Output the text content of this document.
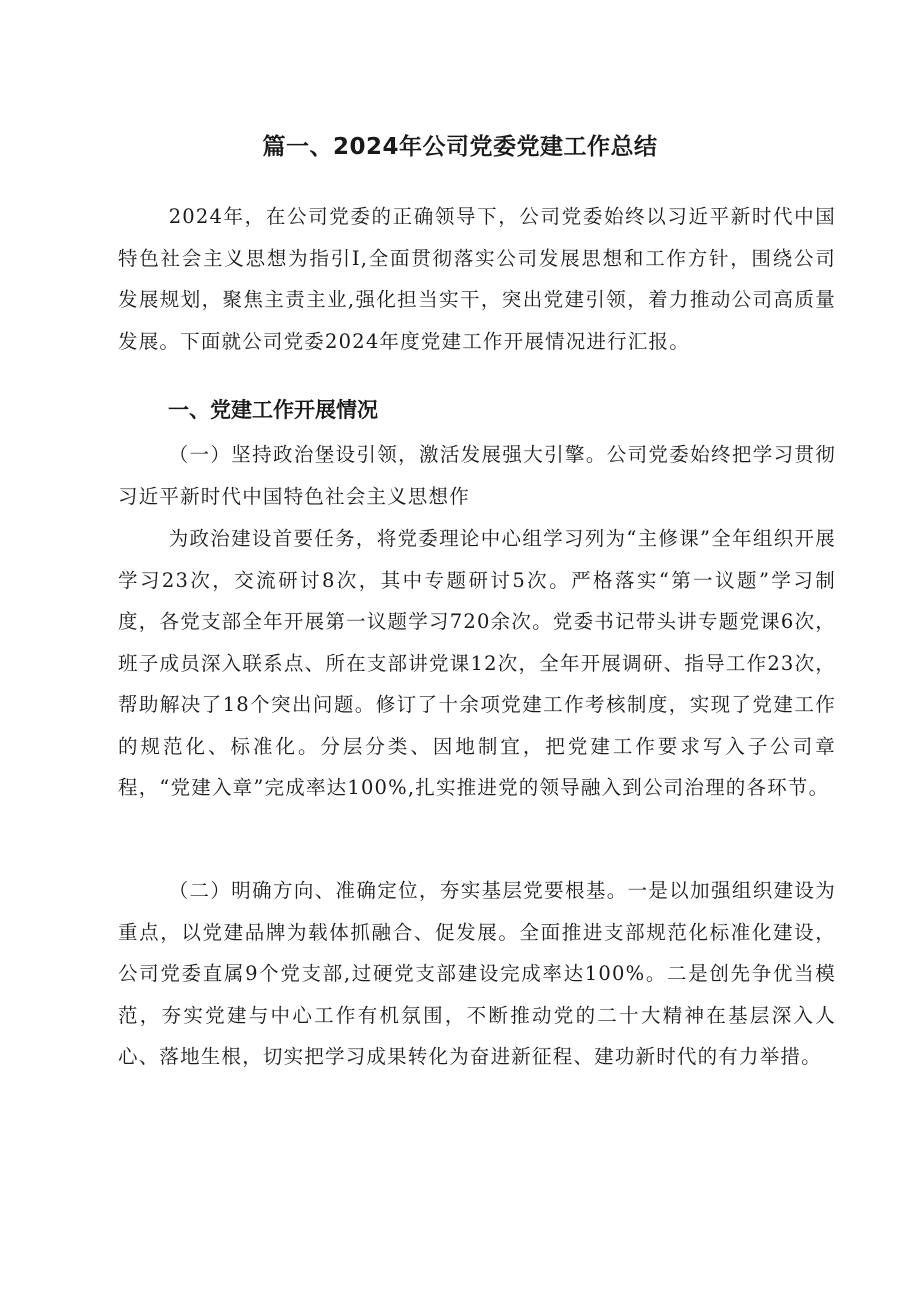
篇一、2024年公司党委党建工作总结

2024年，在公司党委的正确领导下，公司党委始终以习近平新时代中国特色社会主义思想为指引I,全面贯彻落实公司发展思想和工作方针，围绕公司发展规划，聚焦主责主业,强化担当实干，突出党建引领，着力推动公司高质量发展。下面就公司党委2024年度党建工作开展情况进行汇报。

一、党建工作开展情况

（一）坚持政治堡设引领，激活发展强大引擎。公司党委始终把学习贯彻习近平新时代中国特色社会主义思想作

为政治建设首要任务，将党委理论中心组学习列为“主修课”全年组织开展学习23次，交流研讨8次，其中专题研讨5次。严格落实“第一议题”学习制度，各党支部全年开展第一议题学习720余次。党委书记带头讲专题党课6次，班子成员深入联系点、所在支部讲党课12次，全年开展调研、指导工作23次，帮助解决了18个突出问题。修订了十余项党建工作考核制度，实现了党建工作的规范化、标准化。分层分类、因地制宜，把党建工作要求写入子公司章程，“党建入章”完成率达100%,扎实推进党的领导融入到公司治理的各环节。

（二）明确方向、准确定位，夯实基层党要根基。一是以加强组织建设为重点，以党建品牌为载体抓融合、促发展。全面推进支部规范化标准化建设，公司党委直属9个党支部,过硬党支部建设完成率达100%。二是创先争优当模范，夯实党建与中心工作有机氛围，不断推动党的二十大精神在基层深入人心、落地生根，切实把学习成果转化为奋进新征程、建功新时代的有力举措。
